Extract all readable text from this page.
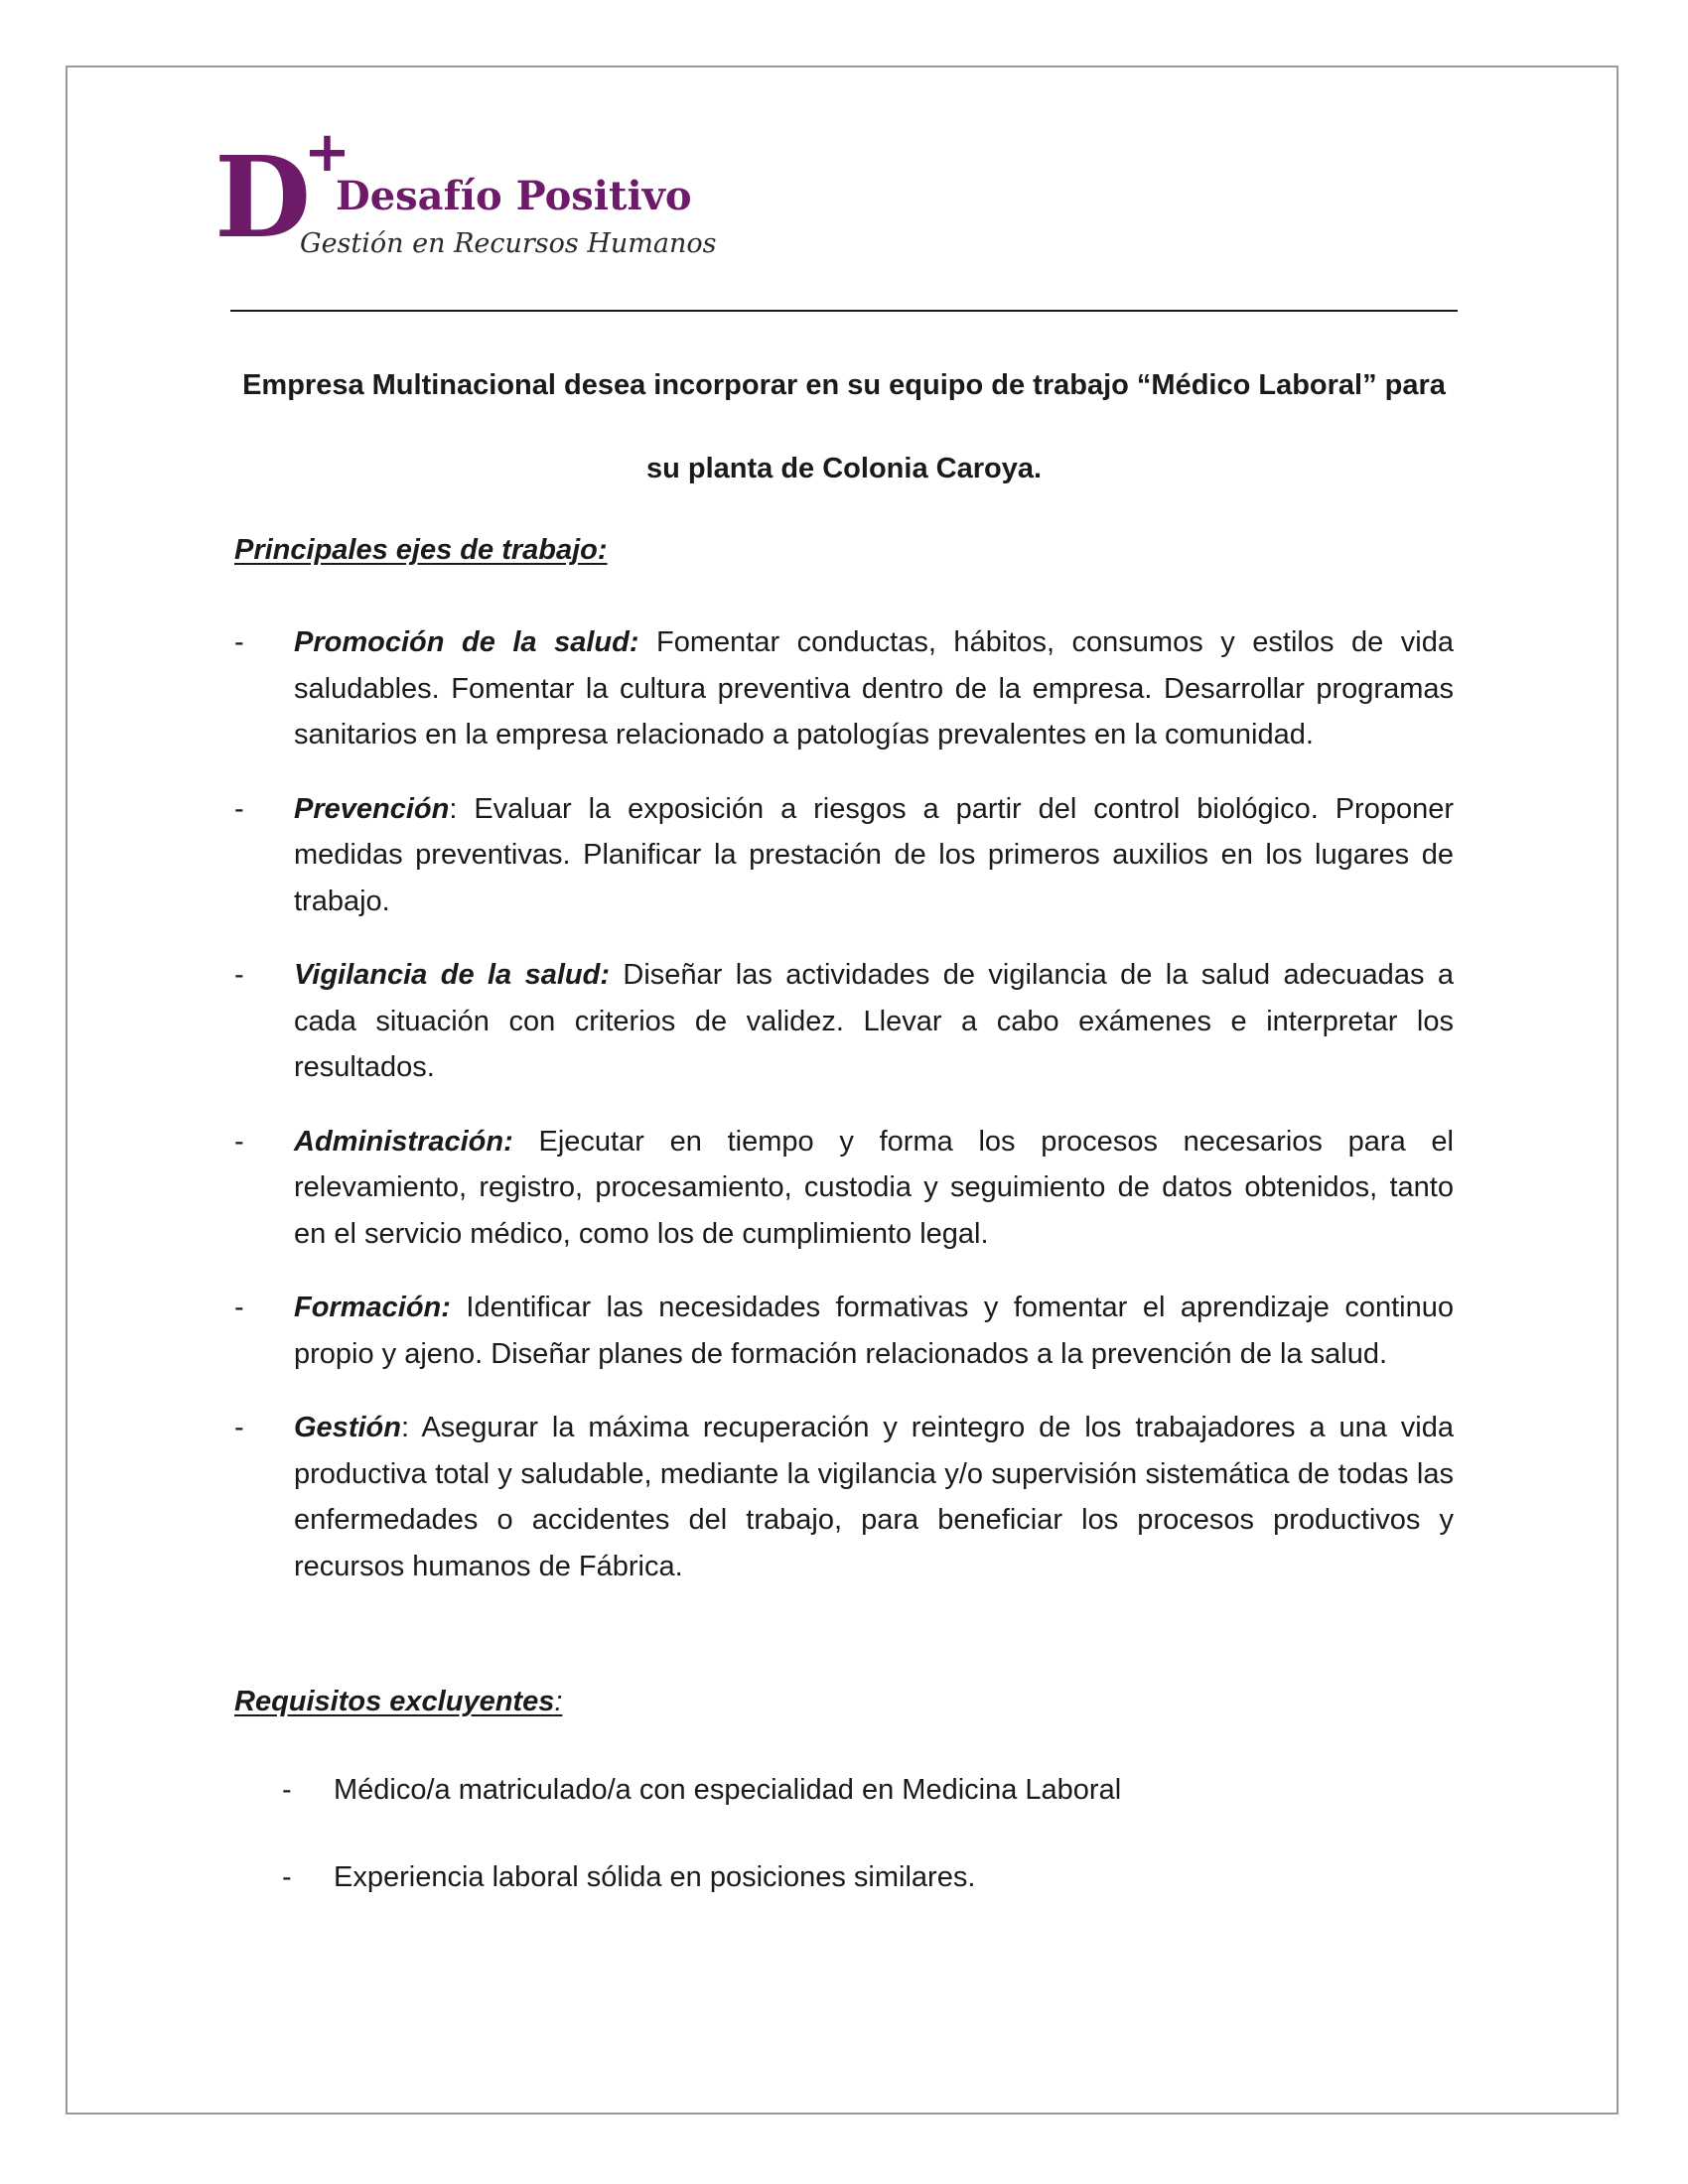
D
+
Desafío Positivo
Gestión en Recursos Humanos
Empresa Multinacional desea incorporar en su equipo de trabajo “Médico Laboral” para
su planta de Colonia Caroya.
Principales ejes de trabajo:
- Promoción de la salud: Fomentar conductas, hábitos, consumos y estilos de vida saludables. Fomentar la cultura preventiva dentro de la empresa. Desarrollar programas sanitarios en la empresa relacionado a patologías prevalentes en la comunidad.
- Prevención: Evaluar la exposición a riesgos a partir del control biológico. Proponer medidas preventivas. Planificar la prestación de los primeros auxilios en los lugares de trabajo.
- Vigilancia de la salud: Diseñar las actividades de vigilancia de la salud adecuadas a cada situación con criterios de validez. Llevar a cabo exámenes e interpretar los resultados.
- Administración: Ejecutar en tiempo y forma los procesos necesarios para el relevamiento, registro, procesamiento, custodia y seguimiento de datos obtenidos, tanto en el servicio médico, como los de cumplimiento legal.
- Formación: Identificar las necesidades formativas y fomentar el aprendizaje continuo propio y ajeno. Diseñar planes de formación relacionados a la prevención de la salud.
- Gestión: Asegurar la máxima recuperación y reintegro de los trabajadores a una vida productiva total y saludable, mediante la vigilancia y/o supervisión sistemática de todas las enfermedades o accidentes del trabajo, para beneficiar los procesos productivos y recursos humanos de Fábrica.
Requisitos excluyentes:
- Médico/a matriculado/a con especialidad en Medicina Laboral
- Experiencia laboral sólida en posiciones similares.
